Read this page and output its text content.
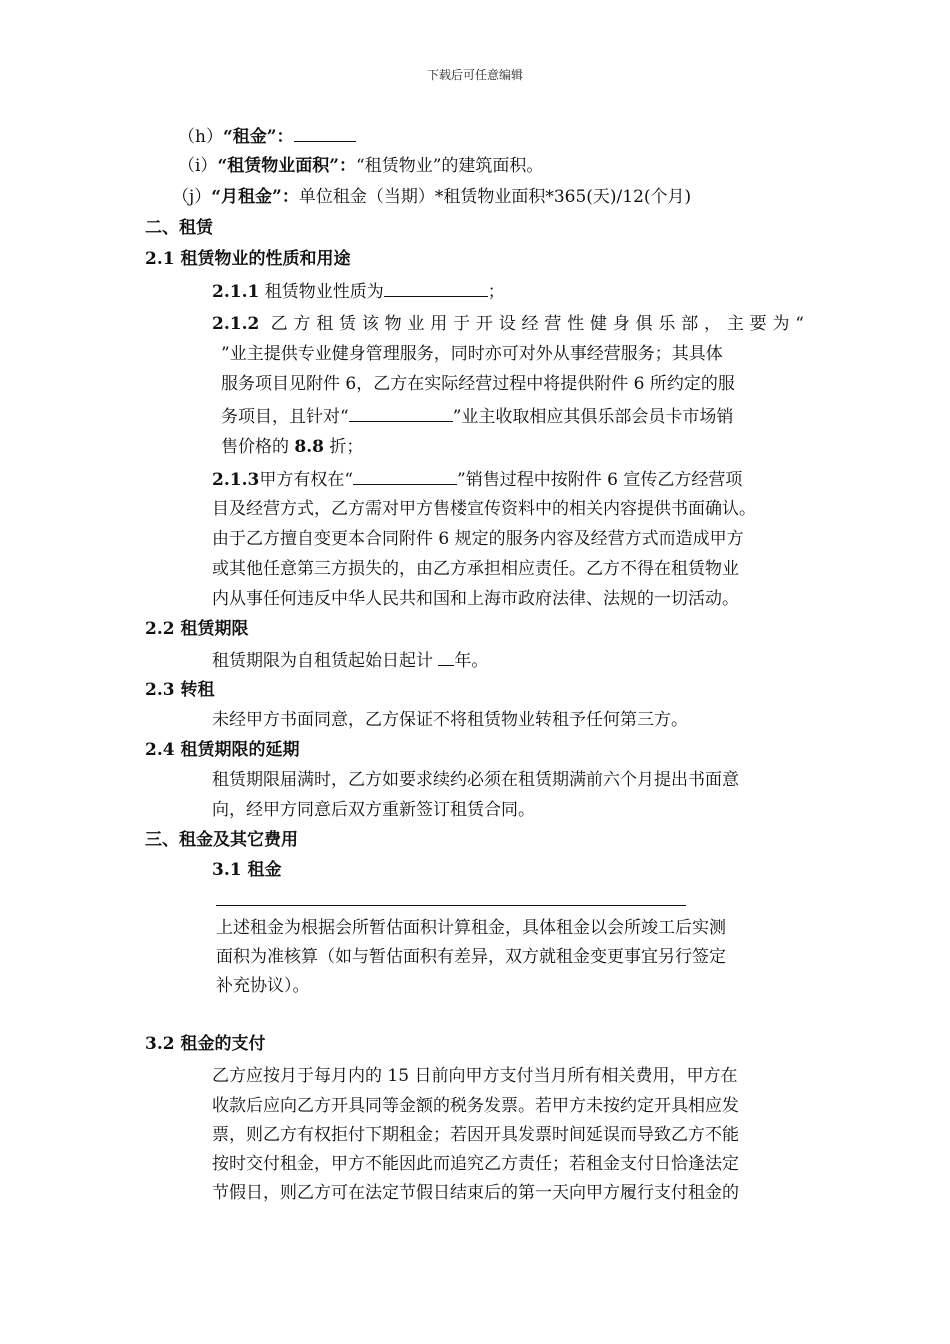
下载后可任意编辑
（h）“租金”：
（i）“租赁物业面积”：“租赁物业”的建筑面积。
（j）“月租金”：单位租金（当期）*租赁物业面积*365(天)/12(个月)
二、租赁
2.1 租赁物业的性质和用途
2.1.1 租赁物业性质为	；
2.1.2 乙方租赁该物业用于开设经营性健身俱乐部，主要为“
”业主提供专业健身管理服务，同时亦可对外从事经营服务；其具体
服务项目见附件 6，乙方在实际经营过程中将提供附件 6 所约定的服
务项目，且针对“	”业主收取相应其俱乐部会员卡市场销
售价格的 8.8 折；
2.1.3甲方有权在“	”销售过程中按附件 6 宣传乙方经营项
目及经营方式，乙方需对甲方售楼宣传资料中的相关内容提供书面确认。
由于乙方擅自变更本合同附件 6 规定的服务内容及经营方式而造成甲方
或其他任意第三方损失的，由乙方承担相应责任。乙方不得在租赁物业
内从事任何违反中华人民共和国和上海市政府法律、法规的一切活动。
2.2 租赁期限
租赁期限为自租赁起始日起计 年。
2.3 转租
未经甲方书面同意，乙方保证不将租赁物业转租予任何第三方。
2.4 租赁期限的延期
租赁期限届满时，乙方如要求续约必须在租赁期满前六个月提出书面意
向，经甲方同意后双方重新签订租赁合同。
三、租金及其它费用
3.1 租金
上述租金为根据会所暂估面积计算租金，具体租金以会所竣工后实测
面积为准核算（如与暂估面积有差异，双方就租金变更事宜另行签定
补充协议）。
3.2 租金的支付
乙方应按月于每月内的 15 日前向甲方支付当月所有相关费用，甲方在
收款后应向乙方开具同等金额的税务发票。若甲方未按约定开具相应发
票，则乙方有权拒付下期租金；若因开具发票时间延误而导致乙方不能
按时交付租金，甲方不能因此而追究乙方责任；若租金支付日恰逢法定
节假日，则乙方可在法定节假日结束后的第一天向甲方履行支付租金的
